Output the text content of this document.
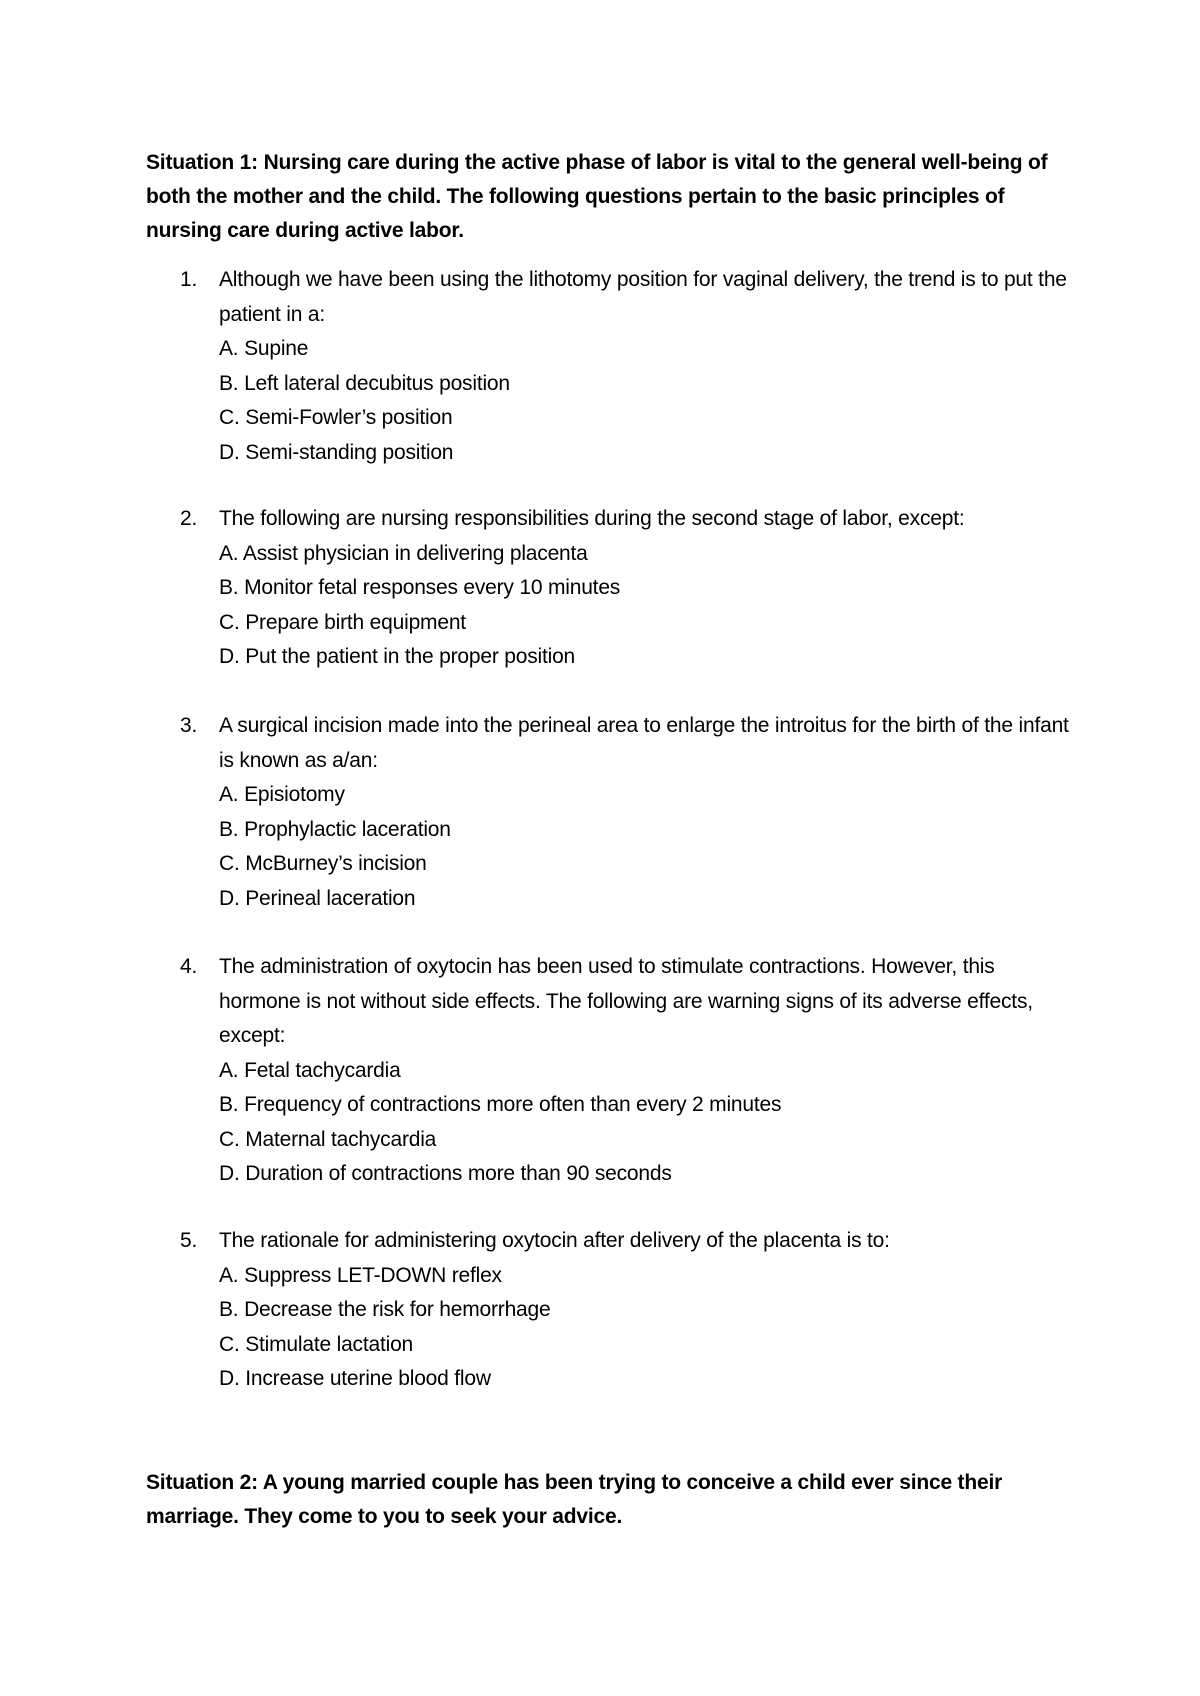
Situation 1: Nursing care during the active phase of labor is vital to the general well-being of both the mother and the child. The following questions pertain to the basic principles of nursing care during active labor.
1.	Although we have been using the lithotomy position for vaginal delivery, the trend is to put the patient in a:
A. Supine
B. Left lateral decubitus position
C. Semi-Fowler’s position
D. Semi-standing position
2.	The following are nursing responsibilities during the second stage of labor, except:
A. Assist physician in delivering placenta
B. Monitor fetal responses every 10 minutes
C. Prepare birth equipment
D. Put the patient in the proper position
3.	A surgical incision made into the perineal area to enlarge the introitus for the birth of the infant is known as a/an:
A. Episiotomy
B. Prophylactic laceration
C. McBurney’s incision
D. Perineal laceration
4.	The administration of oxytocin has been used to stimulate contractions. However, this hormone is not without side effects. The following are warning signs of its adverse effects, except:
A. Fetal tachycardia
B. Frequency of contractions more often than every 2 minutes
C. Maternal tachycardia
D. Duration of contractions more than 90 seconds
5.	The rationale for administering oxytocin after delivery of the placenta is to:
A. Suppress LET-DOWN reflex
B. Decrease the risk for hemorrhage
C. Stimulate lactation
D. Increase uterine blood flow
Situation 2: A young married couple has been trying to conceive a child ever since their marriage. They come to you to seek your advice.
